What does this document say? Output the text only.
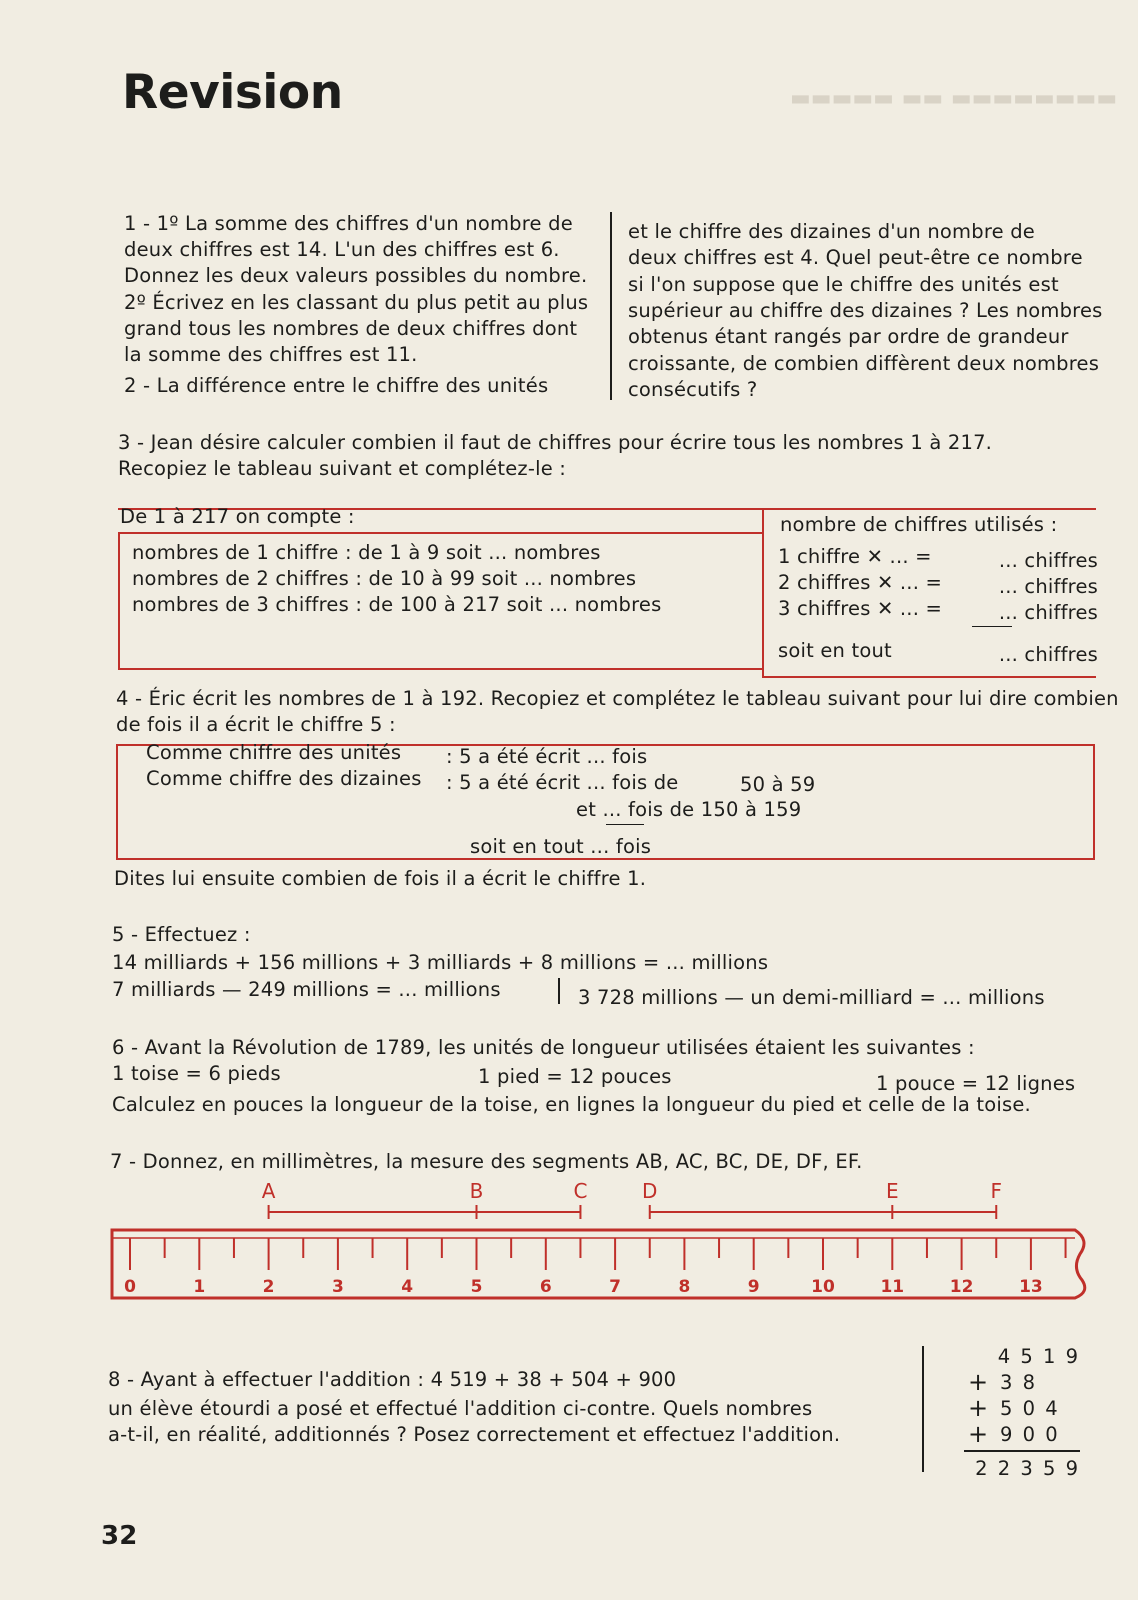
▬▬▬▬▬ ▬▬ ▬▬▬▬▬▬▬▬
Revision
1 - 1º La somme des chiffres d'un nombre de
deux chiffres est 14. L'un des chiffres est 6.
Donnez les deux valeurs possibles du nombre.
2º Écrivez en les classant du plus petit au plus
grand tous les nombres de deux chiffres dont
la somme des chiffres est 11.
2 - La différence entre le chiffre des unités
et le chiffre des dizaines d'un nombre de
deux chiffres est 4. Quel peut-être ce nombre
si l'on suppose que le chiffre des unités est
supérieur au chiffre des dizaines ? Les nombres
obtenus étant rangés par ordre de grandeur
croissante, de combien diffèrent deux nombres
consécutifs ?
3 - Jean désire calculer combien il faut de chiffres pour écrire tous les nombres 1 à 217.
Recopiez le tableau suivant et complétez-le :
De 1 à 217 on compte :
nombres de 1 chiffre : de 1 à 9 soit ... nombres
nombres de 2 chiffres : de 10 à 99 soit ... nombres
nombres de 3 chiffres : de 100 à 217 soit ... nombres
nombre de chiffres utilisés :
1 chiffre ✕ ... =	... chiffres
2 chiffres ✕ ... =	... chiffres
3 chiffres ✕ ... =	... chiffres
soit en tout	... chiffres
4 - Éric écrit les nombres de 1 à 192. Recopiez et complétez le tableau suivant pour lui dire combien
de fois il a écrit le chiffre 5 :
Comme chiffre des unités : 5 a été écrit ... fois
Comme chiffre des dizaines : 5 a été écrit ... fois de	50 à 59
et ... fois de 150 à 159
soit en tout ... fois
Dites lui ensuite combien de fois il a écrit le chiffre 1.
5 - Effectuez :
14 milliards + 156 millions + 3 milliards + 8 millions = ... millions
7 milliards — 249 millions = ... millions	3 728 millions — un demi-milliard = ... millions
6 - Avant la Révolution de 1789, les unités de longueur utilisées étaient les suivantes :
1 toise = 6 pieds	1 pied = 12 pouces	1 pouce = 12 lignes
Calculez en pouces la longueur de la toise, en lignes la longueur du pied et celle de la toise.
7 - Donnez, en millimètres, la mesure des segments AB, AC, BC, DE, DF, EF.
0	1	2	3	4	5	6	7	8	9	10	11	12	13
A	B	C	D	E	F
8 - Ayant à effectuer l'addition : 4 519 + 38 + 504 + 900
un élève étourdi a posé et effectué l'addition ci-contre. Quels nombres
a-t-il, en réalité, additionnés ? Posez correctement et effectuez l'addition.
4 5 1 9
+ 3 8
+ 5 0 4
+ 9 0 0
2 2 3 5 9
32
